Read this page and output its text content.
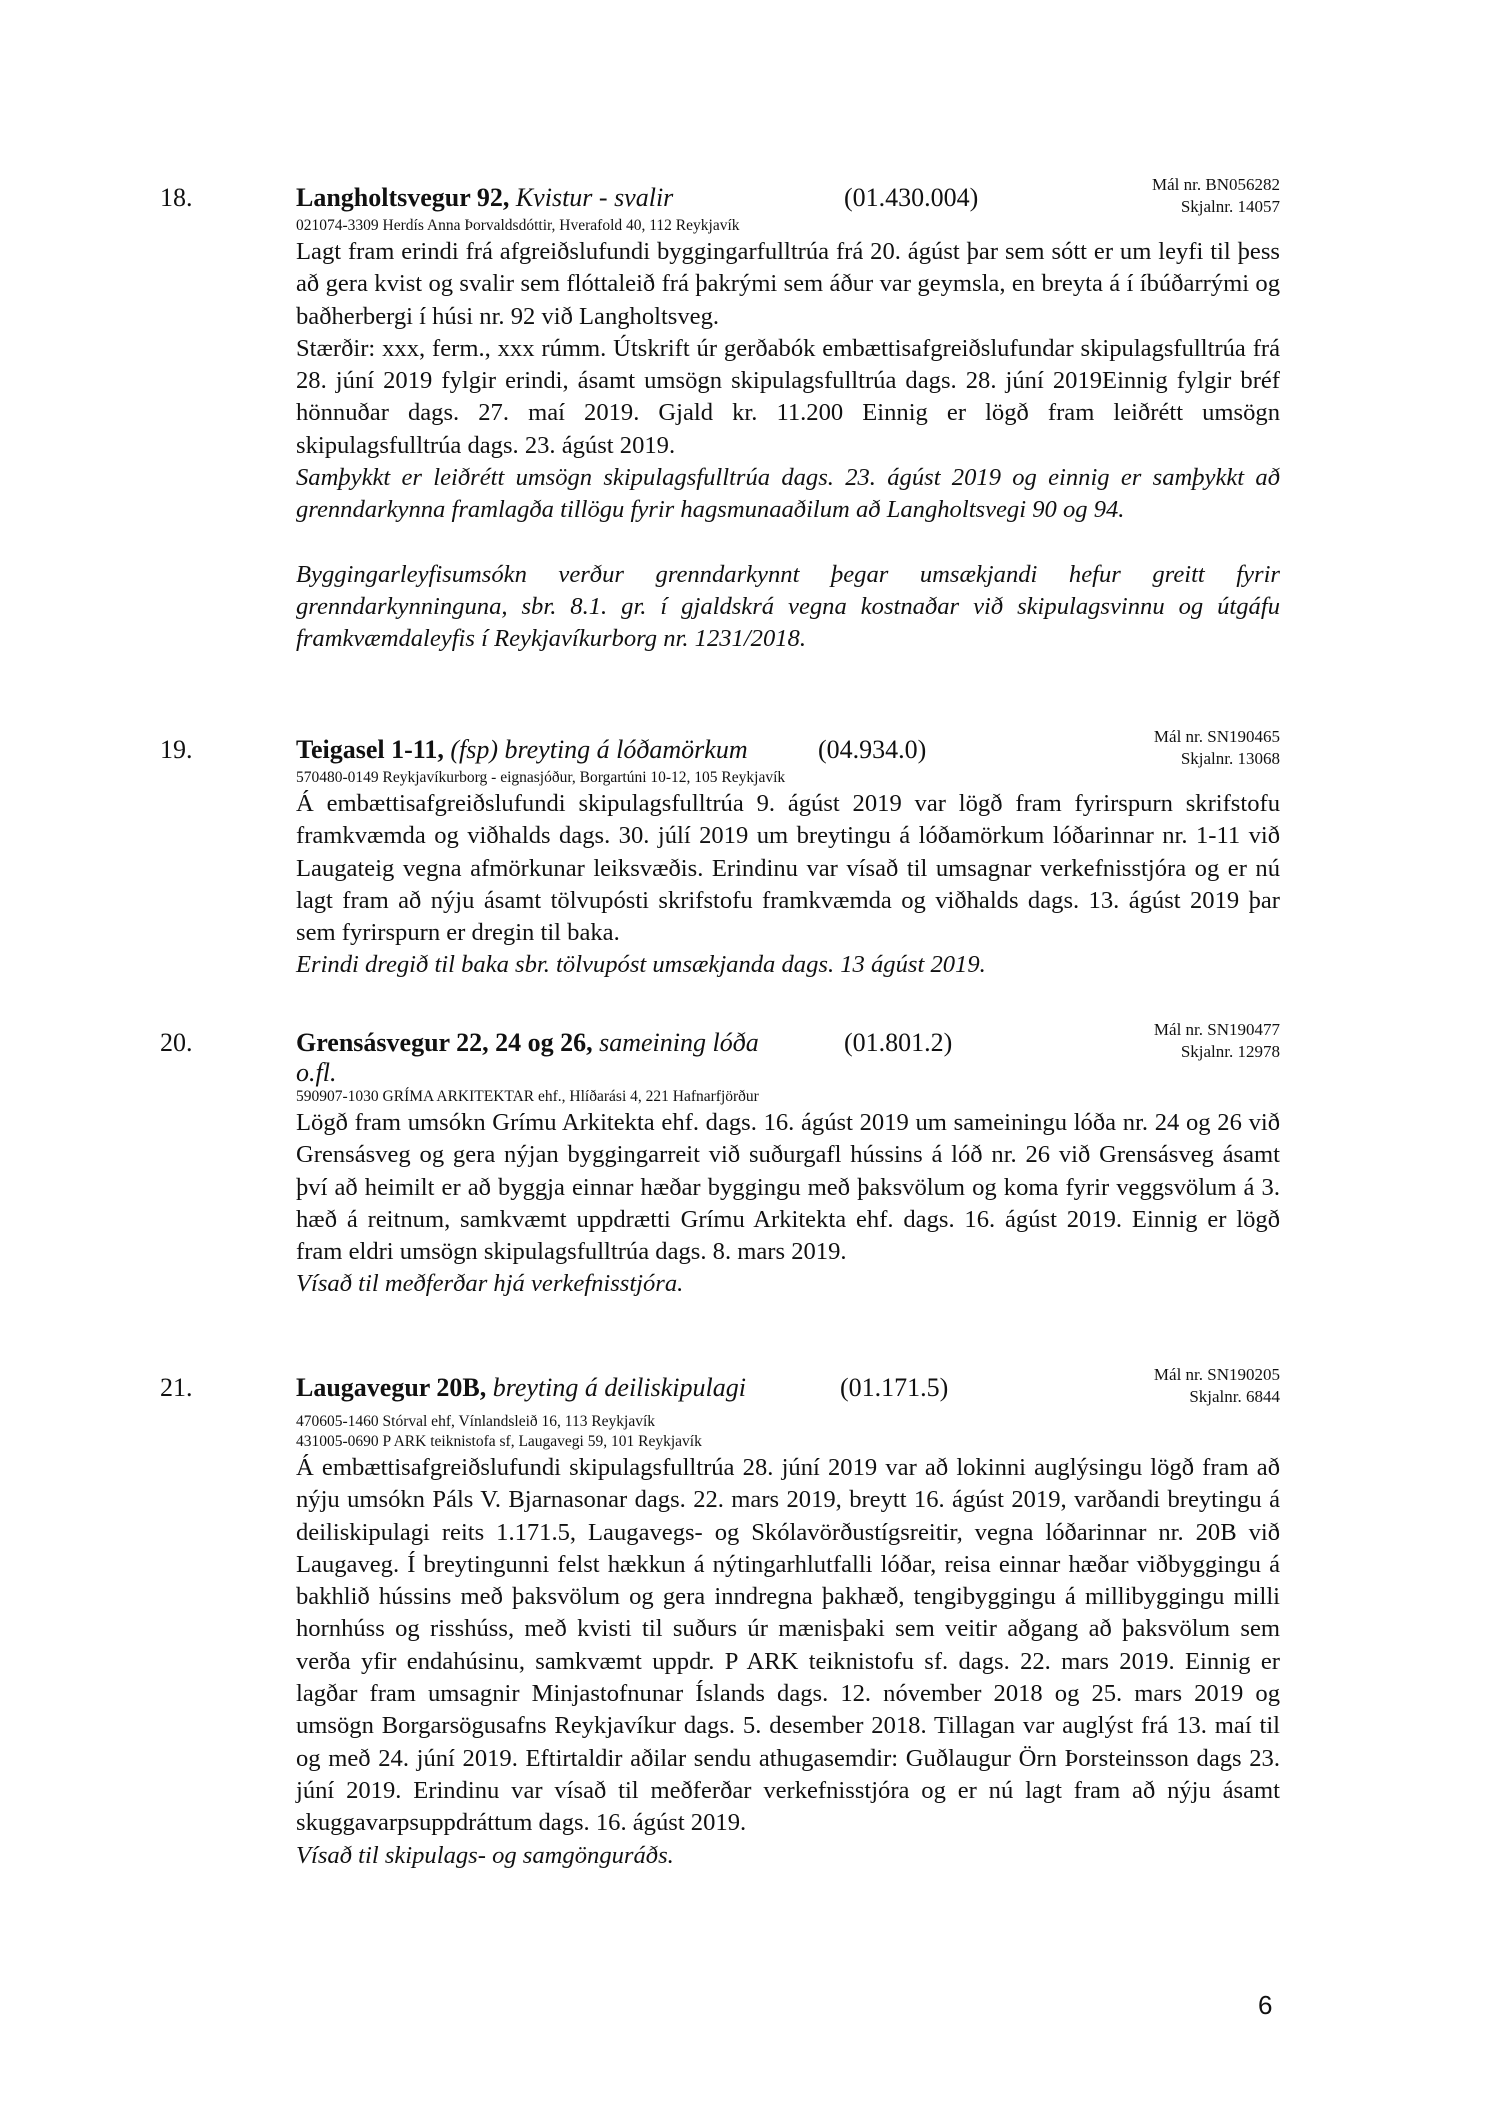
18.	Langholtsvegur 92, Kvistur - svalir	(01.430.004)	Mál nr. BN056282
Skjalnr. 14057
021074-3309 Herdís Anna Þorvaldsdóttir, Hverafold 40, 112 Reykjavík

Lagt fram erindi frá afgreiðslufundi byggingarfulltrúa frá 20. ágúst þar sem sótt er um leyfi til þess að gera kvist og svalir sem flóttaleið frá þakrými sem áður var geymsla, en breyta á í íbúðarrými og baðherbergi í húsi nr. 92 við Langholtsveg.

Stærðir: xxx, ferm., xxx rúmm. Útskrift úr gerðabók embættisafgreiðslufundar skipulagsfulltrúa frá 28. júní 2019 fylgir erindi, ásamt umsögn skipulagsfulltrúa dags. 28. júní 2019Einnig fylgir bréf hönnuðar dags. 27. maí 2019. Gjald kr. 11.200 Einnig er lögð fram leiðrétt umsögn skipulagsfulltrúa dags. 23. ágúst 2019.

Samþykkt er leiðrétt umsögn skipulagsfulltrúa dags. 23. ágúst 2019 og einnig er samþykkt að grenndarkynna framlagða tillögu fyrir hagsmunaaðilum að Langholtsvegi 90 og 94.

Byggingarleyfisumsókn verður grenndarkynnt þegar umsækjandi hefur greitt fyrir grenndarkynninguna, sbr. 8.1. gr. í gjaldskrá vegna kostnaðar við skipulagsvinnu og útgáfu framkvæmdaleyfis í Reykjavíkurborg nr. 1231/2018.

19.	Teigasel 1-11, (fsp) breyting á lóðamörkum	(04.934.0)	Mál nr. SN190465
Skjalnr. 13068
570480-0149 Reykjavíkurborg - eignasjóður, Borgartúni 10-12, 105 Reykjavík

Á embættisafgreiðslufundi skipulagsfulltrúa 9. ágúst 2019 var lögð fram fyrirspurn skrifstofu framkvæmda og viðhalds dags. 30. júlí 2019 um breytingu á lóðamörkum lóðarinnar nr. 1-11 við Laugateig vegna afmörkunar leiksvæðis. Erindinu var vísað til umsagnar verkefnisstjóra og er nú lagt fram að nýju ásamt tölvupósti skrifstofu framkvæmda og viðhalds dags. 13. ágúst 2019 þar sem fyrirspurn er dregin til baka.

Erindi dregið til baka sbr. tölvupóst umsækjanda dags. 13 ágúst 2019.

20.	Grensásvegur 22, 24 og 26, sameining lóða	(01.801.2)	Mál nr. SN190477
Skjalnr. 12978
o.fl.
590907-1030 GRÍMA ARKITEKTAR ehf., Hlíðarási 4, 221 Hafnarfjörður

Lögð fram umsókn Grímu Arkitekta ehf. dags. 16. ágúst 2019 um sameiningu lóða nr. 24 og 26 við Grensásveg og gera nýjan byggingarreit við suðurgafl hússins á lóð nr. 26 við Grensásveg ásamt því að heimilt er að byggja einnar hæðar byggingu með þaksvölum og koma fyrir veggsvölum á 3. hæð á reitnum, samkvæmt uppdrætti Grímu Arkitekta ehf. dags. 16. ágúst 2019. Einnig er lögð fram eldri umsögn skipulagsfulltrúa dags. 8. mars 2019.

Vísað til meðferðar hjá verkefnisstjóra.

21.	Laugavegur 20B, breyting á deiliskipulagi	(01.171.5)	Mál nr. SN190205
Skjalnr. 6844
470605-1460 Stórval ehf, Vínlandsleið 16, 113 Reykjavík
431005-0690 P ARK teiknistofa sf, Laugavegi 59, 101 Reykjavík

Á embættisafgreiðslufundi skipulagsfulltrúa 28. júní 2019 var að lokinni auglýsingu lögð fram að nýju umsókn Páls V. Bjarnasonar dags. 22. mars 2019, breytt 16. ágúst 2019, varðandi breytingu á deiliskipulagi reits 1.171.5, Laugavegs- og Skólavörðustígsreitir, vegna lóðarinnar nr. 20B við Laugaveg. Í breytingunni felst hækkun á nýtingarhlutfalli lóðar, reisa einnar hæðar viðbyggingu á bakhlið hússins með þaksvölum og gera inndregna þakhæð, tengibyggingu á millibyggingu milli hornhúss og risshúss, með kvisti til suðurs úr mænisþaki sem veitir aðgang að þaksvölum sem verða yfir endahúsinu, samkvæmt uppdr. P ARK teiknistofu sf. dags. 22. mars 2019. Einnig er lagðar fram umsagnir Minjastofnunar Íslands dags. 12. nóvember 2018 og 25. mars 2019 og umsögn Borgarsögusafns Reykjavíkur dags. 5. desember 2018. Tillagan var auglýst frá 13. maí til og með 24. júní 2019. Eftirtaldir aðilar sendu athugasemdir: Guðlaugur Örn Þorsteinsson dags 23. júní 2019. Erindinu var vísað til meðferðar verkefnisstjóra og er nú lagt fram að nýju ásamt skuggavarpsuppdráttum dags. 16. ágúst 2019.

Vísað til skipulags- og samgönguráðs.

6
